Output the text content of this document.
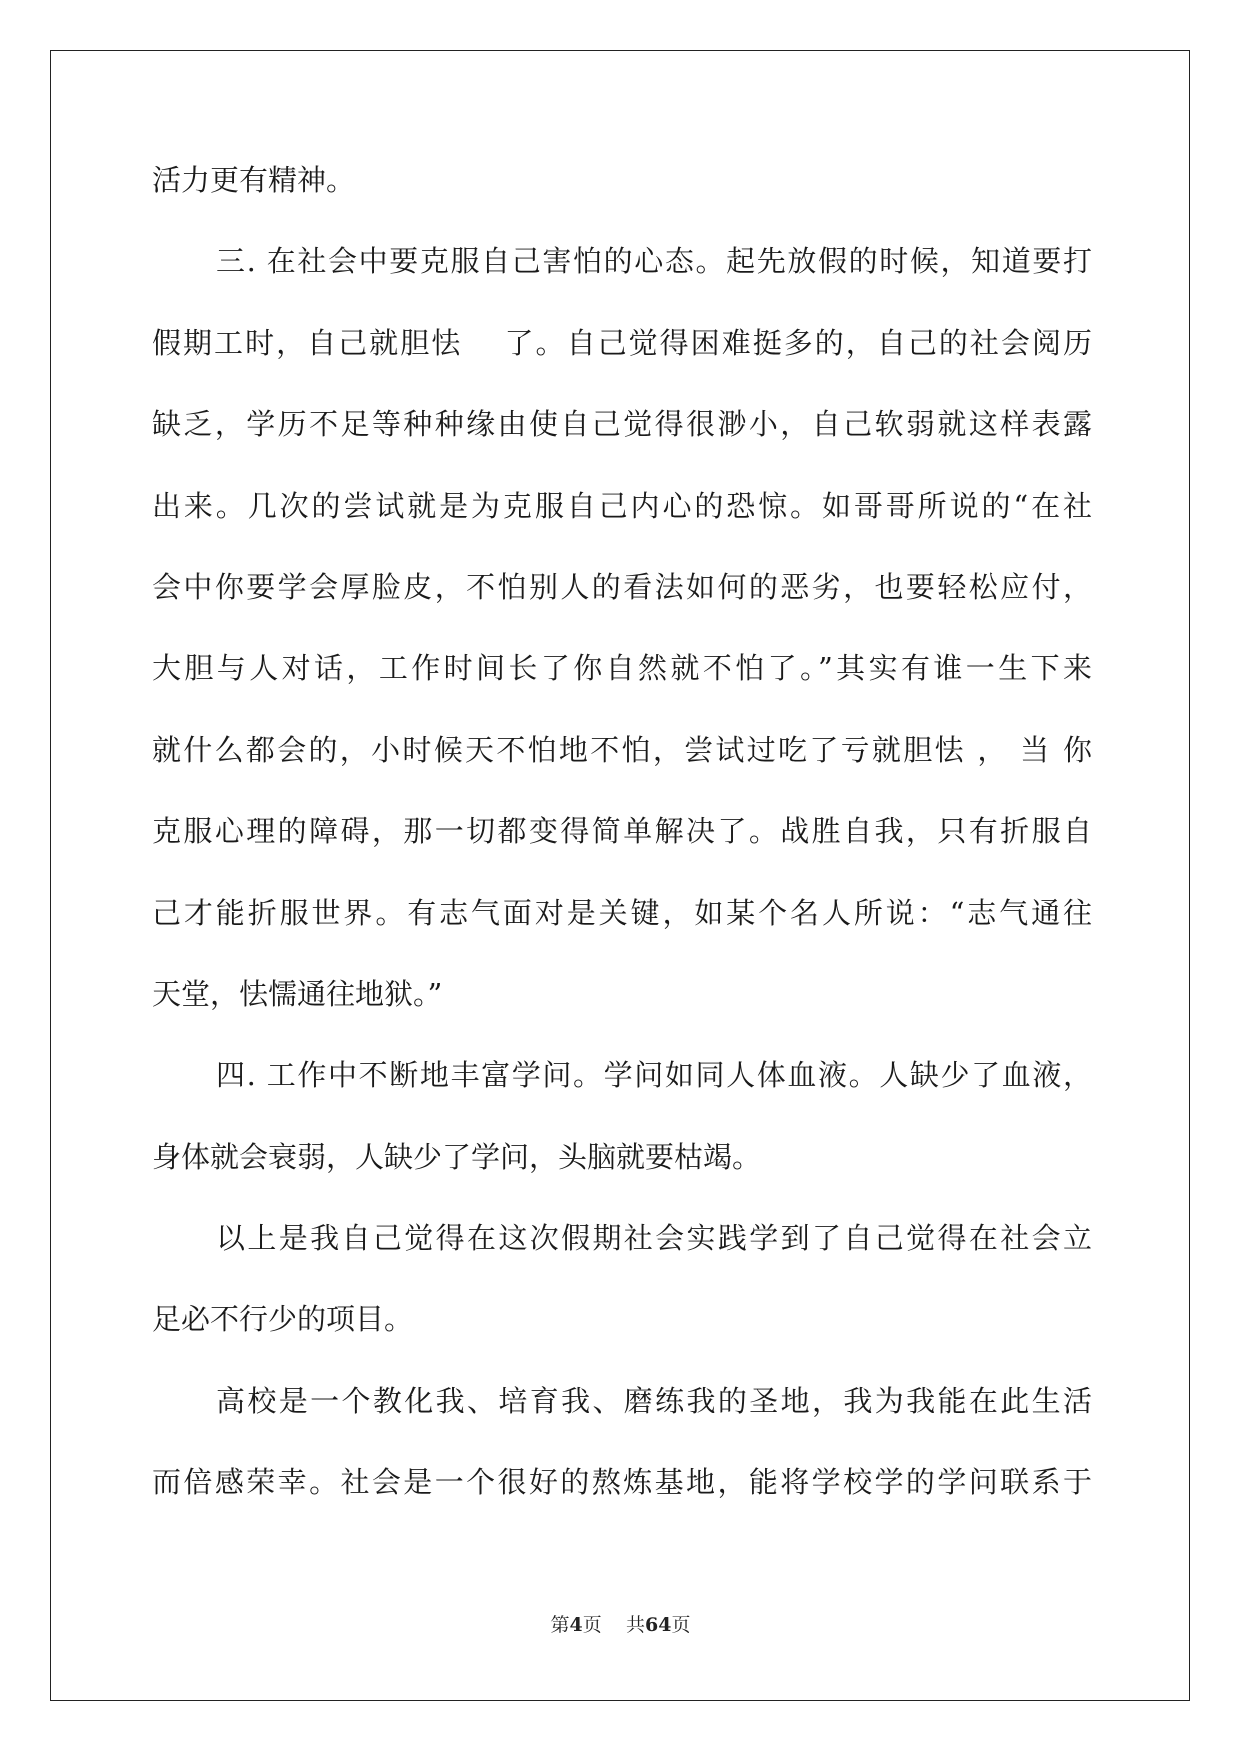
活力更有精神。
三. 在社会中要克服自己害怕的心态。起先放假的时候，知道要打
假期工时，自己就胆怯　 了。自己觉得困难挺多的，自己的社会阅历
缺乏，学历不足等种种缘由使自己觉得很渺小，自己软弱就这样表露
出来。几次的尝试就是为克服自己内心的恐惊。如哥哥所说的“在社
会中你要学会厚脸皮，不怕别人的看法如何的恶劣，也要轻松应付，
大胆与人对话，工作时间长了你自然就不怕了。”其实有谁一生下来
就什么都会的，小时候天不怕地不怕，尝试过吃了亏就胆怯 ， 当 你
克服心理的障碍，那一切都变得简单解决了。战胜自我，只有折服自
己才能折服世界。有志气面对是关键，如某个名人所说：“志气通往
天堂，怯懦通往地狱。”
四. 工作中不断地丰富学问。学问如同人体血液。人缺少了血液，
身体就会衰弱，人缺少了学问，头脑就要枯竭。
以上是我自己觉得在这次假期社会实践学到了自己觉得在社会立
足必不行少的项目。
高校是一个教化我、培育我、磨练我的圣地，我为我能在此生活
而倍感荣幸。社会是一个很好的熬炼基地，能将学校学的学问联系于
第4页 共64页
